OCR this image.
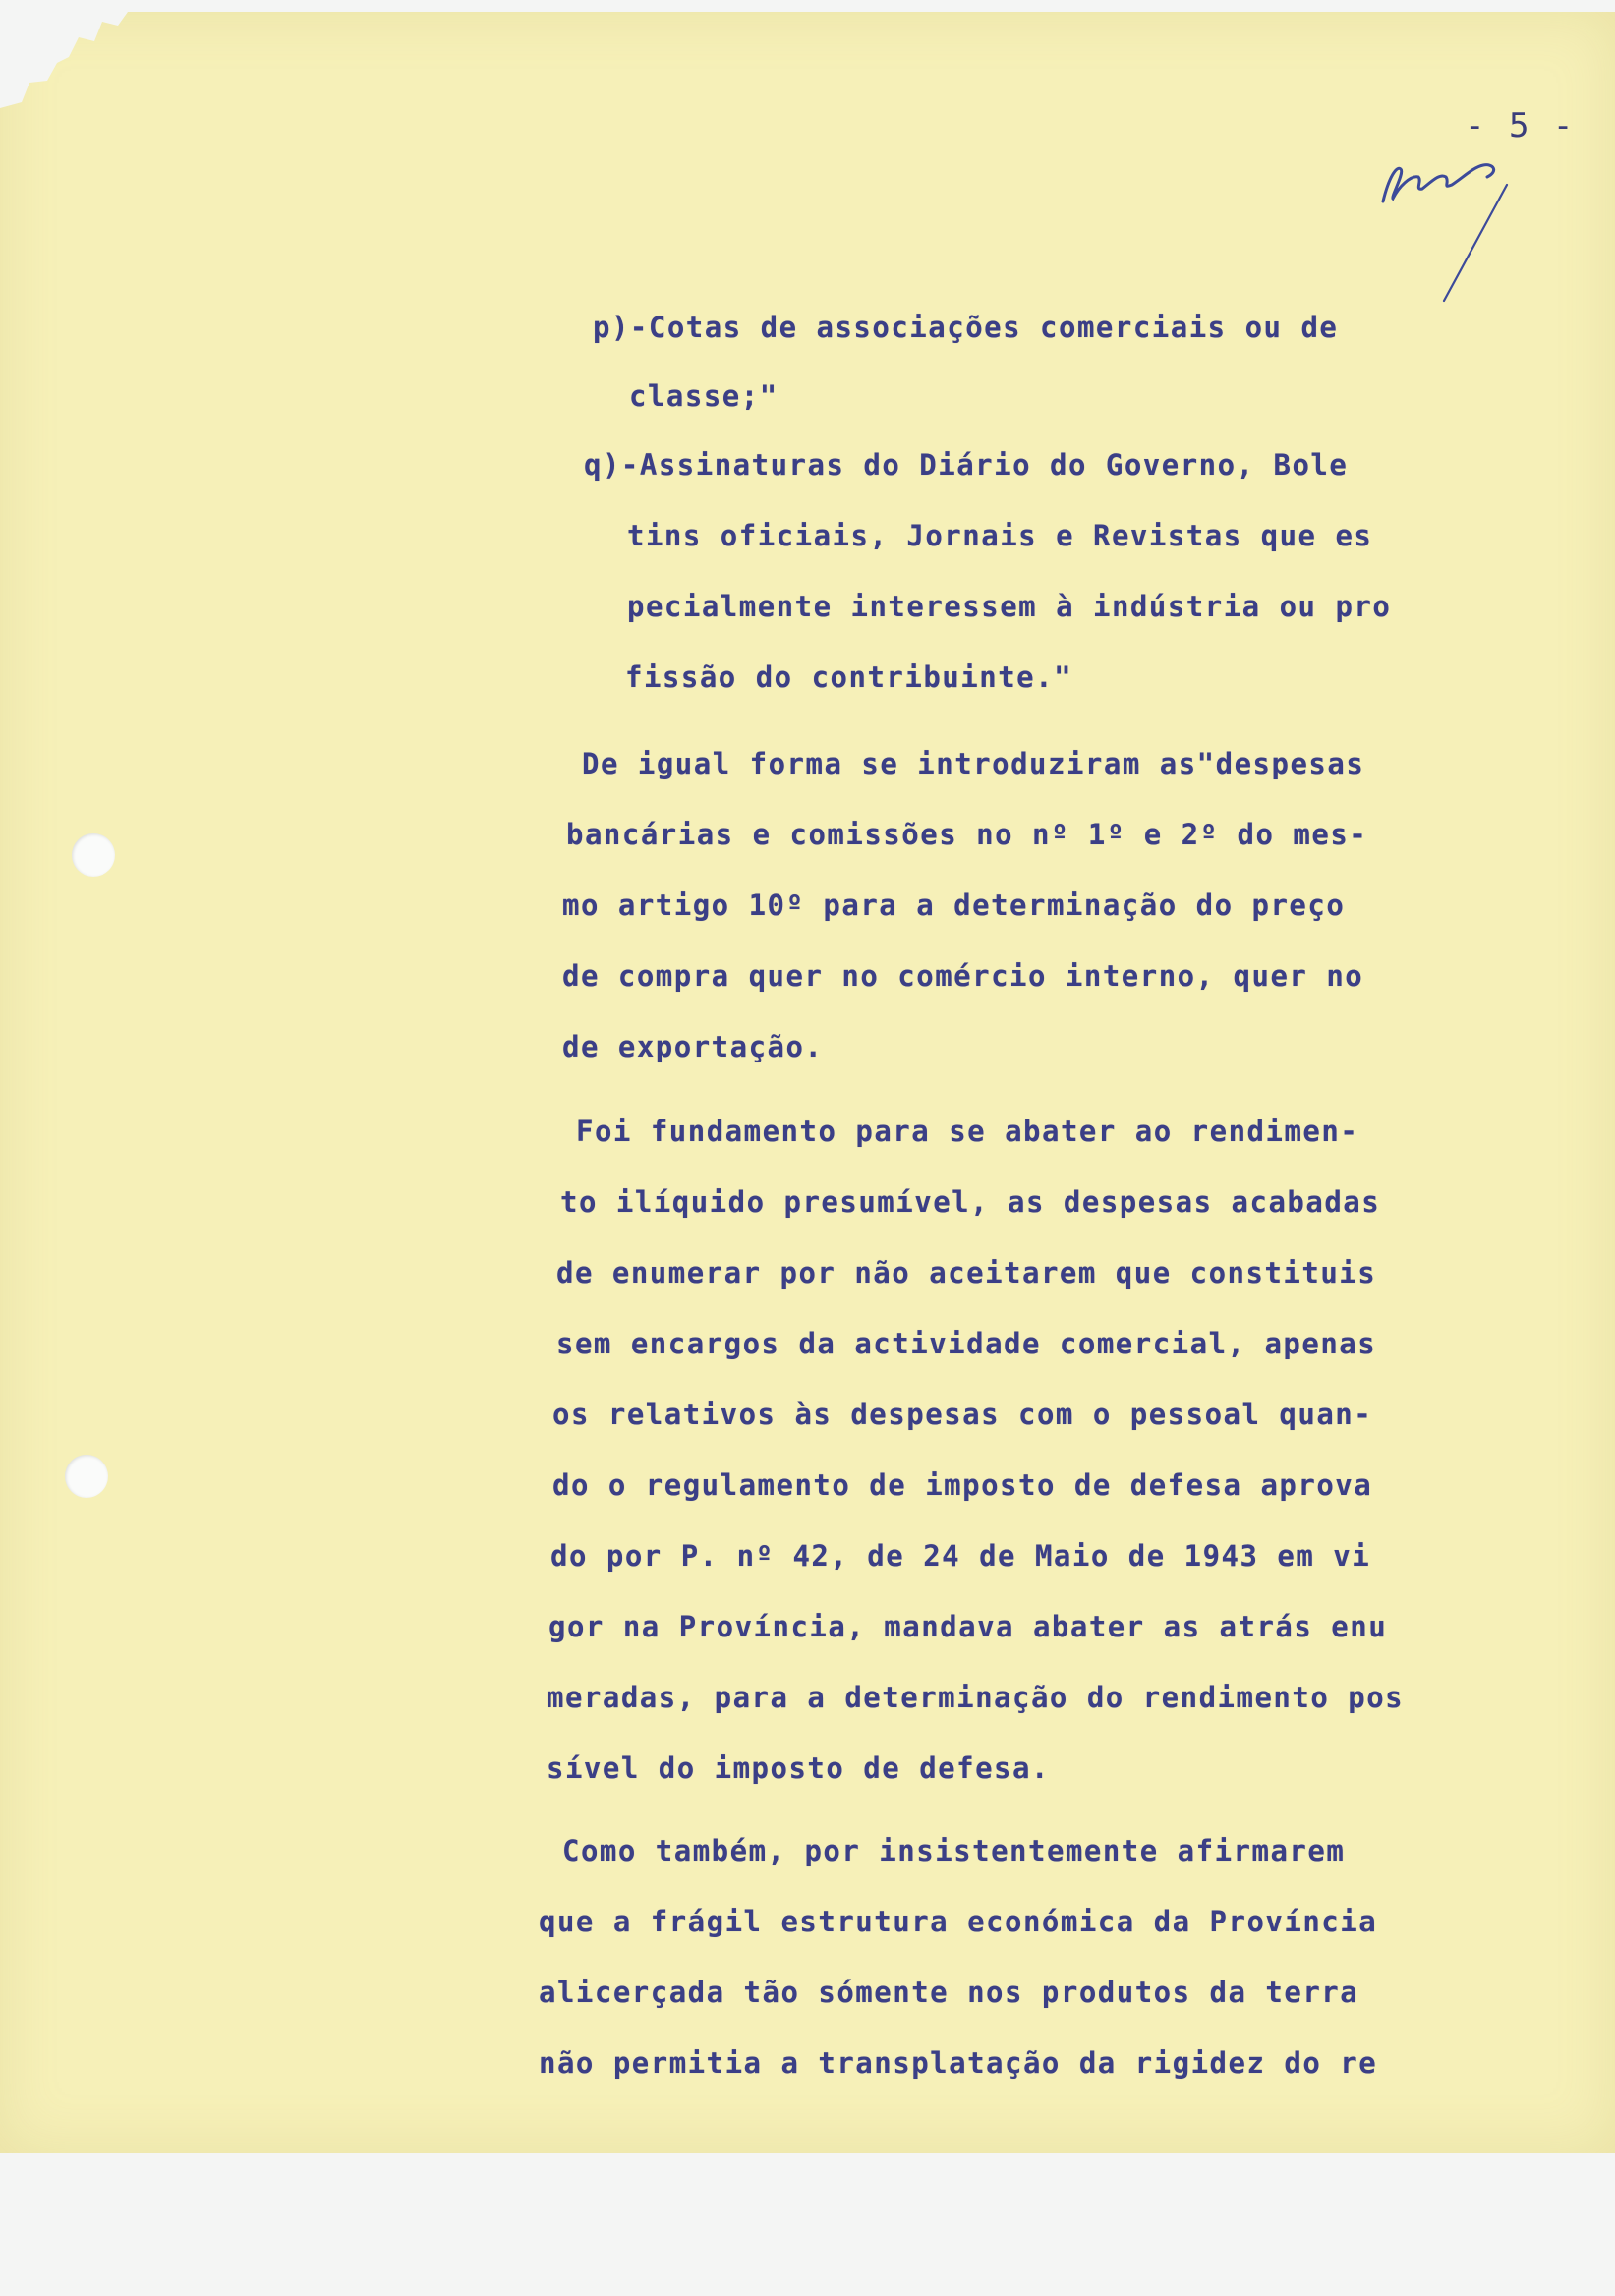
- 5 -
p)-Cotas de associações comerciais ou de
classe;"
q)-Assinaturas do Diário do Governo, Bole
tins oficiais, Jornais e Revistas que es
pecialmente interessem à indústria ou pro
fissão do contribuinte."
De igual forma se introduziram as"despesas
bancárias e comissões no nº 1º e 2º do mes-
mo artigo 10º para a determinação do preço
de compra quer no comércio interno, quer no
de exportação.
Foi fundamento para se abater ao rendimen-
to ilíquido presumível, as despesas acabadas
de enumerar por não aceitarem que constituis
sem encargos da actividade comercial, apenas
os relativos às despesas com o pessoal quan-
do o regulamento de imposto de defesa aprova
do por P. nº 42, de 24 de Maio de 1943 em vi
gor na Província, mandava abater as atrás enu
meradas, para a determinação do rendimento pos
sível do imposto de defesa.
Como também, por insistentemente afirmarem
que a frágil estrutura económica da Província
alicerçada tão sómente nos produtos da terra
não permitia a transplatação da rigidez do re
